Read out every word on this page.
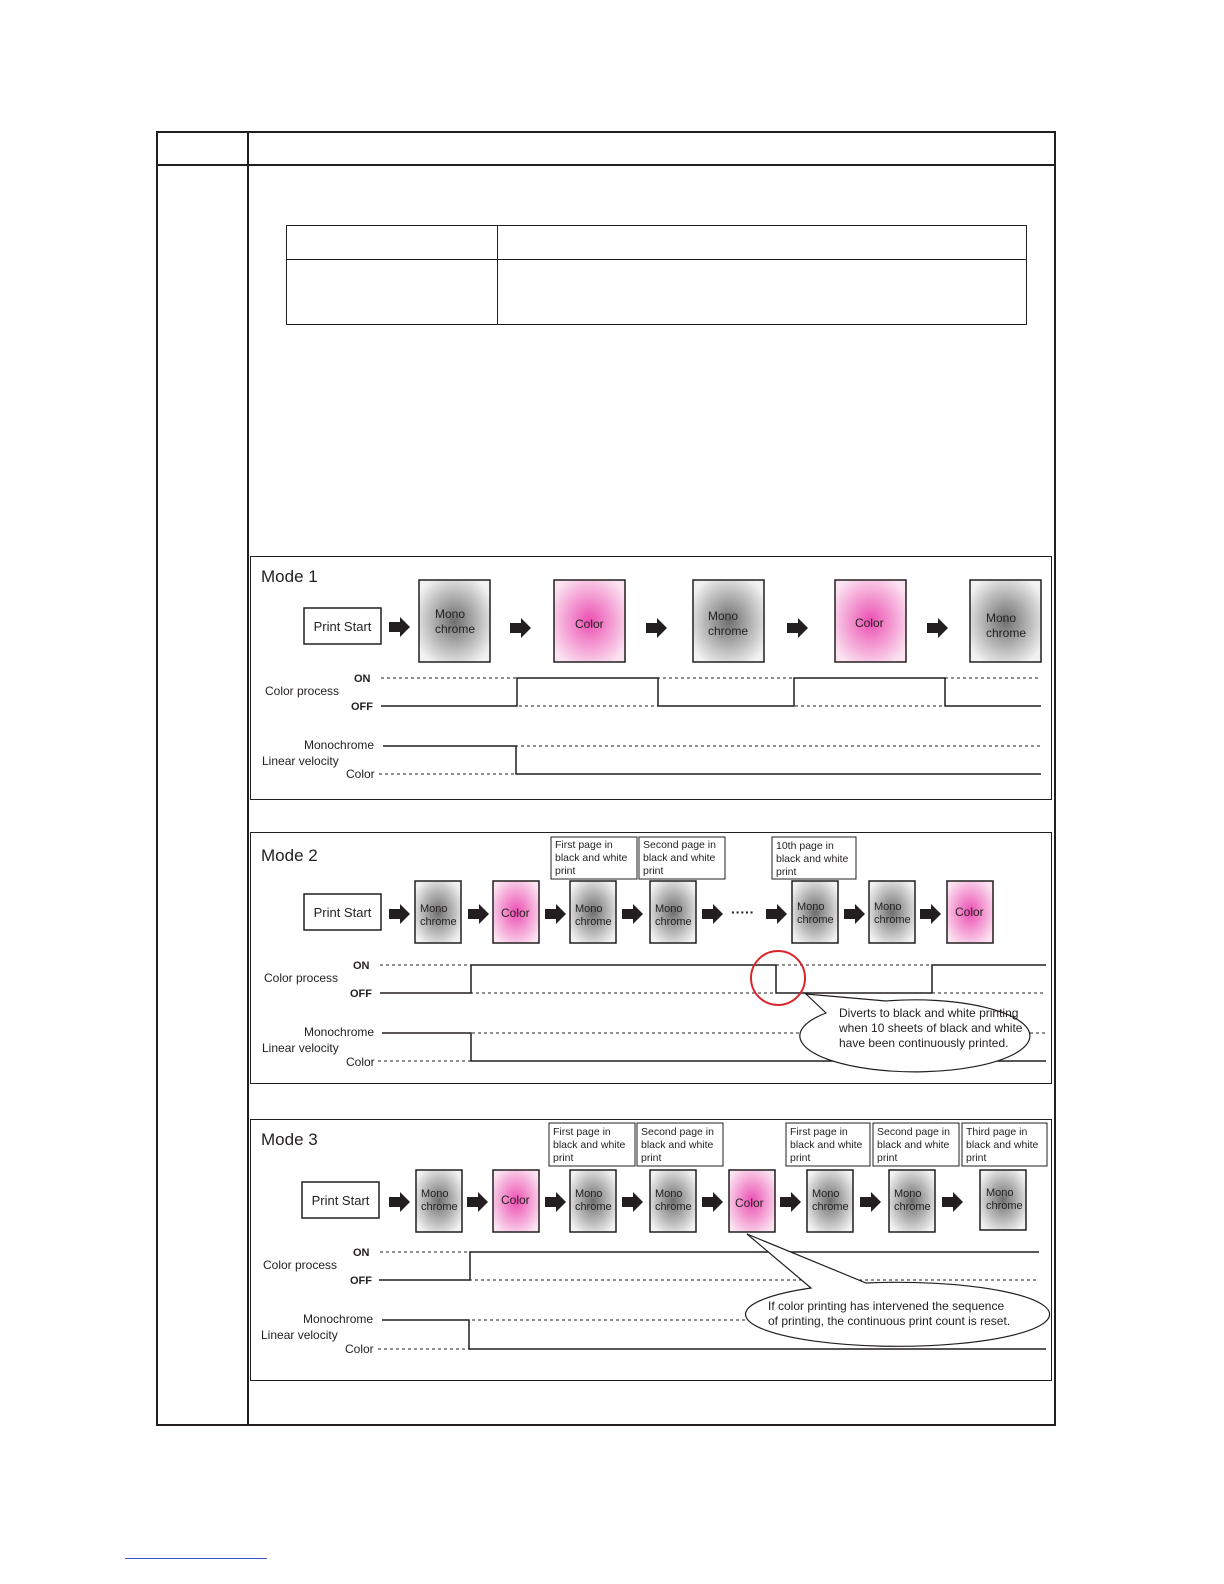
Mode 1
Print Start
Mono
chrome	Color
Mono
chrome
Color	Mono
chrome
Color process
ON
OFF
Monochrome
Linear velocity
Color
Mode 2
First page in
black and white
print
Second page in
black and white
print
10th page in
black and white
print
Print Start	Mono
chrome
Color	Mono
chrome
Mono
chrome
·····	Mono
chrome
Mono
chrome
Color
Color process
ON
OFF
Monochrome
Linear velocity
Color
Diverts to black and white printing
when 10 sheets of black and white
have been continuously printed.
Mode 3	First page in
black and white
print
Second page in
black and white
print
First page in
black and white
print
Second page in
black and white
print
Third page in
black and white
print
Print Start	Mono
chrome	Color	Mono
chrome
Mono
chrome	Color
Mono
chrome
Mono
chrome
Mono
chrome
Color process
ON
OFF
Monochrome
Linear velocity
Color
If color printing has intervened the sequence
of printing, the continuous print count is reset.
